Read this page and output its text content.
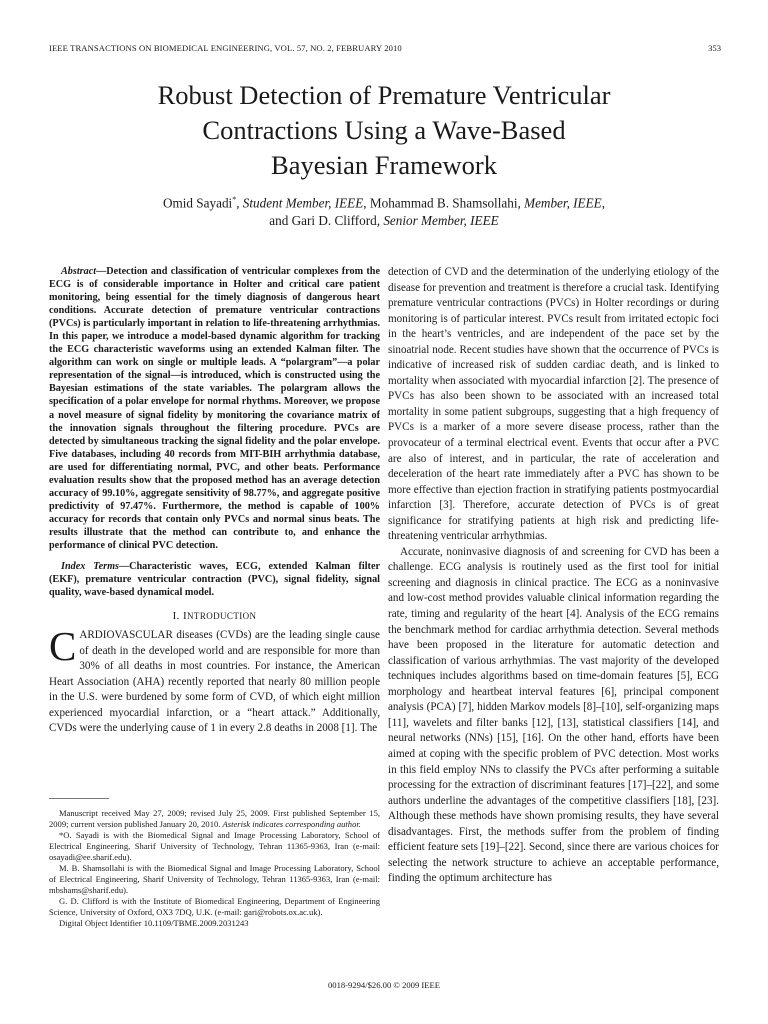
IEEE TRANSACTIONS ON BIOMEDICAL ENGINEERING, VOL. 57, NO. 2, FEBRUARY 2010	353
Robust Detection of Premature Ventricular
Contractions Using a Wave-Based
Bayesian Framework
Omid Sayadi*, Student Member, IEEE, Mohammad B. Shamsollahi, Member, IEEE,
and Gari D. Clifford, Senior Member, IEEE

Abstract—Detection and classification of ventricular complexes from the ECG is of considerable importance in Holter and critical care patient monitoring, being essential for the timely diagnosis of dangerous heart conditions. Accurate detection of premature ventricular contractions (PVCs) is particularly important in relation to life-threatening arrhythmias. In this paper, we introduce a model-based dynamic algorithm for tracking the ECG characteristic waveforms using an extended Kalman filter. The algorithm can work on single or multiple leads. A “polargram”—a polar representation of the signal—is introduced, which is constructed using the Bayesian estimations of the state variables. The polargram allows the specification of a polar envelope for normal rhythms. Moreover, we propose a novel measure of signal fidelity by monitoring the covariance matrix of the innovation signals throughout the filtering procedure. PVCs are detected by simultaneous tracking the signal fidelity and the polar envelope. Five databases, including 40 records from MIT-BIH arrhythmia database, are used for differentiating normal, PVC, and other beats. Performance evaluation results show that the proposed method has an average detection accuracy of 99.10%, aggregate sensitivity of 98.77%, and aggregate positive predictivity of 97.47%. Furthermore, the method is capable of 100% accuracy for records that contain only PVCs and normal sinus beats. The results illustrate that the method can contribute to, and enhance the performance of clinical PVC detection.

Index Terms—Characteristic waves, ECG, extended Kalman filter (EKF), premature ventricular contraction (PVC), signal fidelity, signal quality, wave-based dynamical model.

I. INTRODUCTION

CARDIOVASCULAR diseases (CVDs) are the leading single cause of death in the developed world and are responsible for more than 30% of all deaths in most countries. For instance, the American Heart Association (AHA) recently reported that nearly 80 million people in the U.S. were burdened by some form of CVD, of which eight million experienced myocardial infarction, or a “heart attack.” Additionally, CVDs were the underlying cause of 1 in every 2.8 deaths in 2008 [1]. The

Manuscript received May 27, 2009; revised July 25, 2009. First published September 15, 2009; current version published January 20, 2010. Asterisk indicates corresponding author.

*O. Sayadi is with the Biomedical Signal and Image Processing Laboratory, School of Electrical Engineering, Sharif University of Technology, Tehran 11365-9363, Iran (e-mail: osayadi@ee.sharif.edu).

M. B. Shamsollahi is with the Biomedical Signal and Image Processing Laboratory, School of Electrical Engineering, Sharif University of Technology, Tehran 11365-9363, Iran (e-mail: mbshams@sharif.edu).

G. D. Clifford is with the Institute of Biomedical Engineering, Department of Engineering Science, University of Oxford, OX3 7DQ, U.K. (e-mail: gari@robots.ox.ac.uk).

Digital Object Identifier 10.1109/TBME.2009.2031243

detection of CVD and the determination of the underlying etiology of the disease for prevention and treatment is therefore a crucial task. Identifying premature ventricular contractions (PVCs) in Holter recordings or during monitoring is of particular interest. PVCs result from irritated ectopic foci in the heart’s ventricles, and are independent of the pace set by the sinoatrial node. Recent studies have shown that the occurrence of PVCs is indicative of increased risk of sudden cardiac death, and is linked to mortality when associated with myocardial infarction [2]. The presence of PVCs has also been shown to be associated with an increased total mortality in some patient subgroups, suggesting that a high frequency of PVCs is a marker of a more severe disease process, rather than the provocateur of a terminal electrical event. Events that occur after a PVC are also of interest, and in particular, the rate of acceleration and deceleration of the heart rate immediately after a PVC has shown to be more effective than ejection fraction in stratifying patients postmyocardial infarction [3]. Therefore, accurate detection of PVCs is of great significance for stratifying patients at high risk and predicting life-threatening ventricular arrhythmias.

Accurate, noninvasive diagnosis of and screening for CVD has been a challenge. ECG analysis is routinely used as the first tool for initial screening and diagnosis in clinical practice. The ECG as a noninvasive and low-cost method provides valuable clinical information regarding the rate, timing and regularity of the heart [4]. Analysis of the ECG remains the benchmark method for cardiac arrhythmia detection. Several methods have been proposed in the literature for automatic detection and classification of various arrhythmias. The vast majority of the developed techniques includes algorithms based on time-domain features [5], ECG morphology and heartbeat interval features [6], principal component analysis (PCA) [7], hidden Markov models [8]–[10], self-organizing maps [11], wavelets and filter banks [12], [13], statistical classifiers [14], and neural networks (NNs) [15], [16]. On the other hand, efforts have been aimed at coping with the specific problem of PVC detection. Most works in this field employ NNs to classify the PVCs after performing a suitable processing for the extraction of discriminant features [17]–[22], and some authors underline the advantages of the competitive classifiers [18], [23]. Although these methods have shown promising results, they have several disadvantages. First, the methods suffer from the problem of finding efficient feature sets [19]–[22]. Second, since there are various choices for selecting the network structure to achieve an acceptable performance, finding the optimum architecture has

0018-9294/$26.00 © 2009 IEEE
